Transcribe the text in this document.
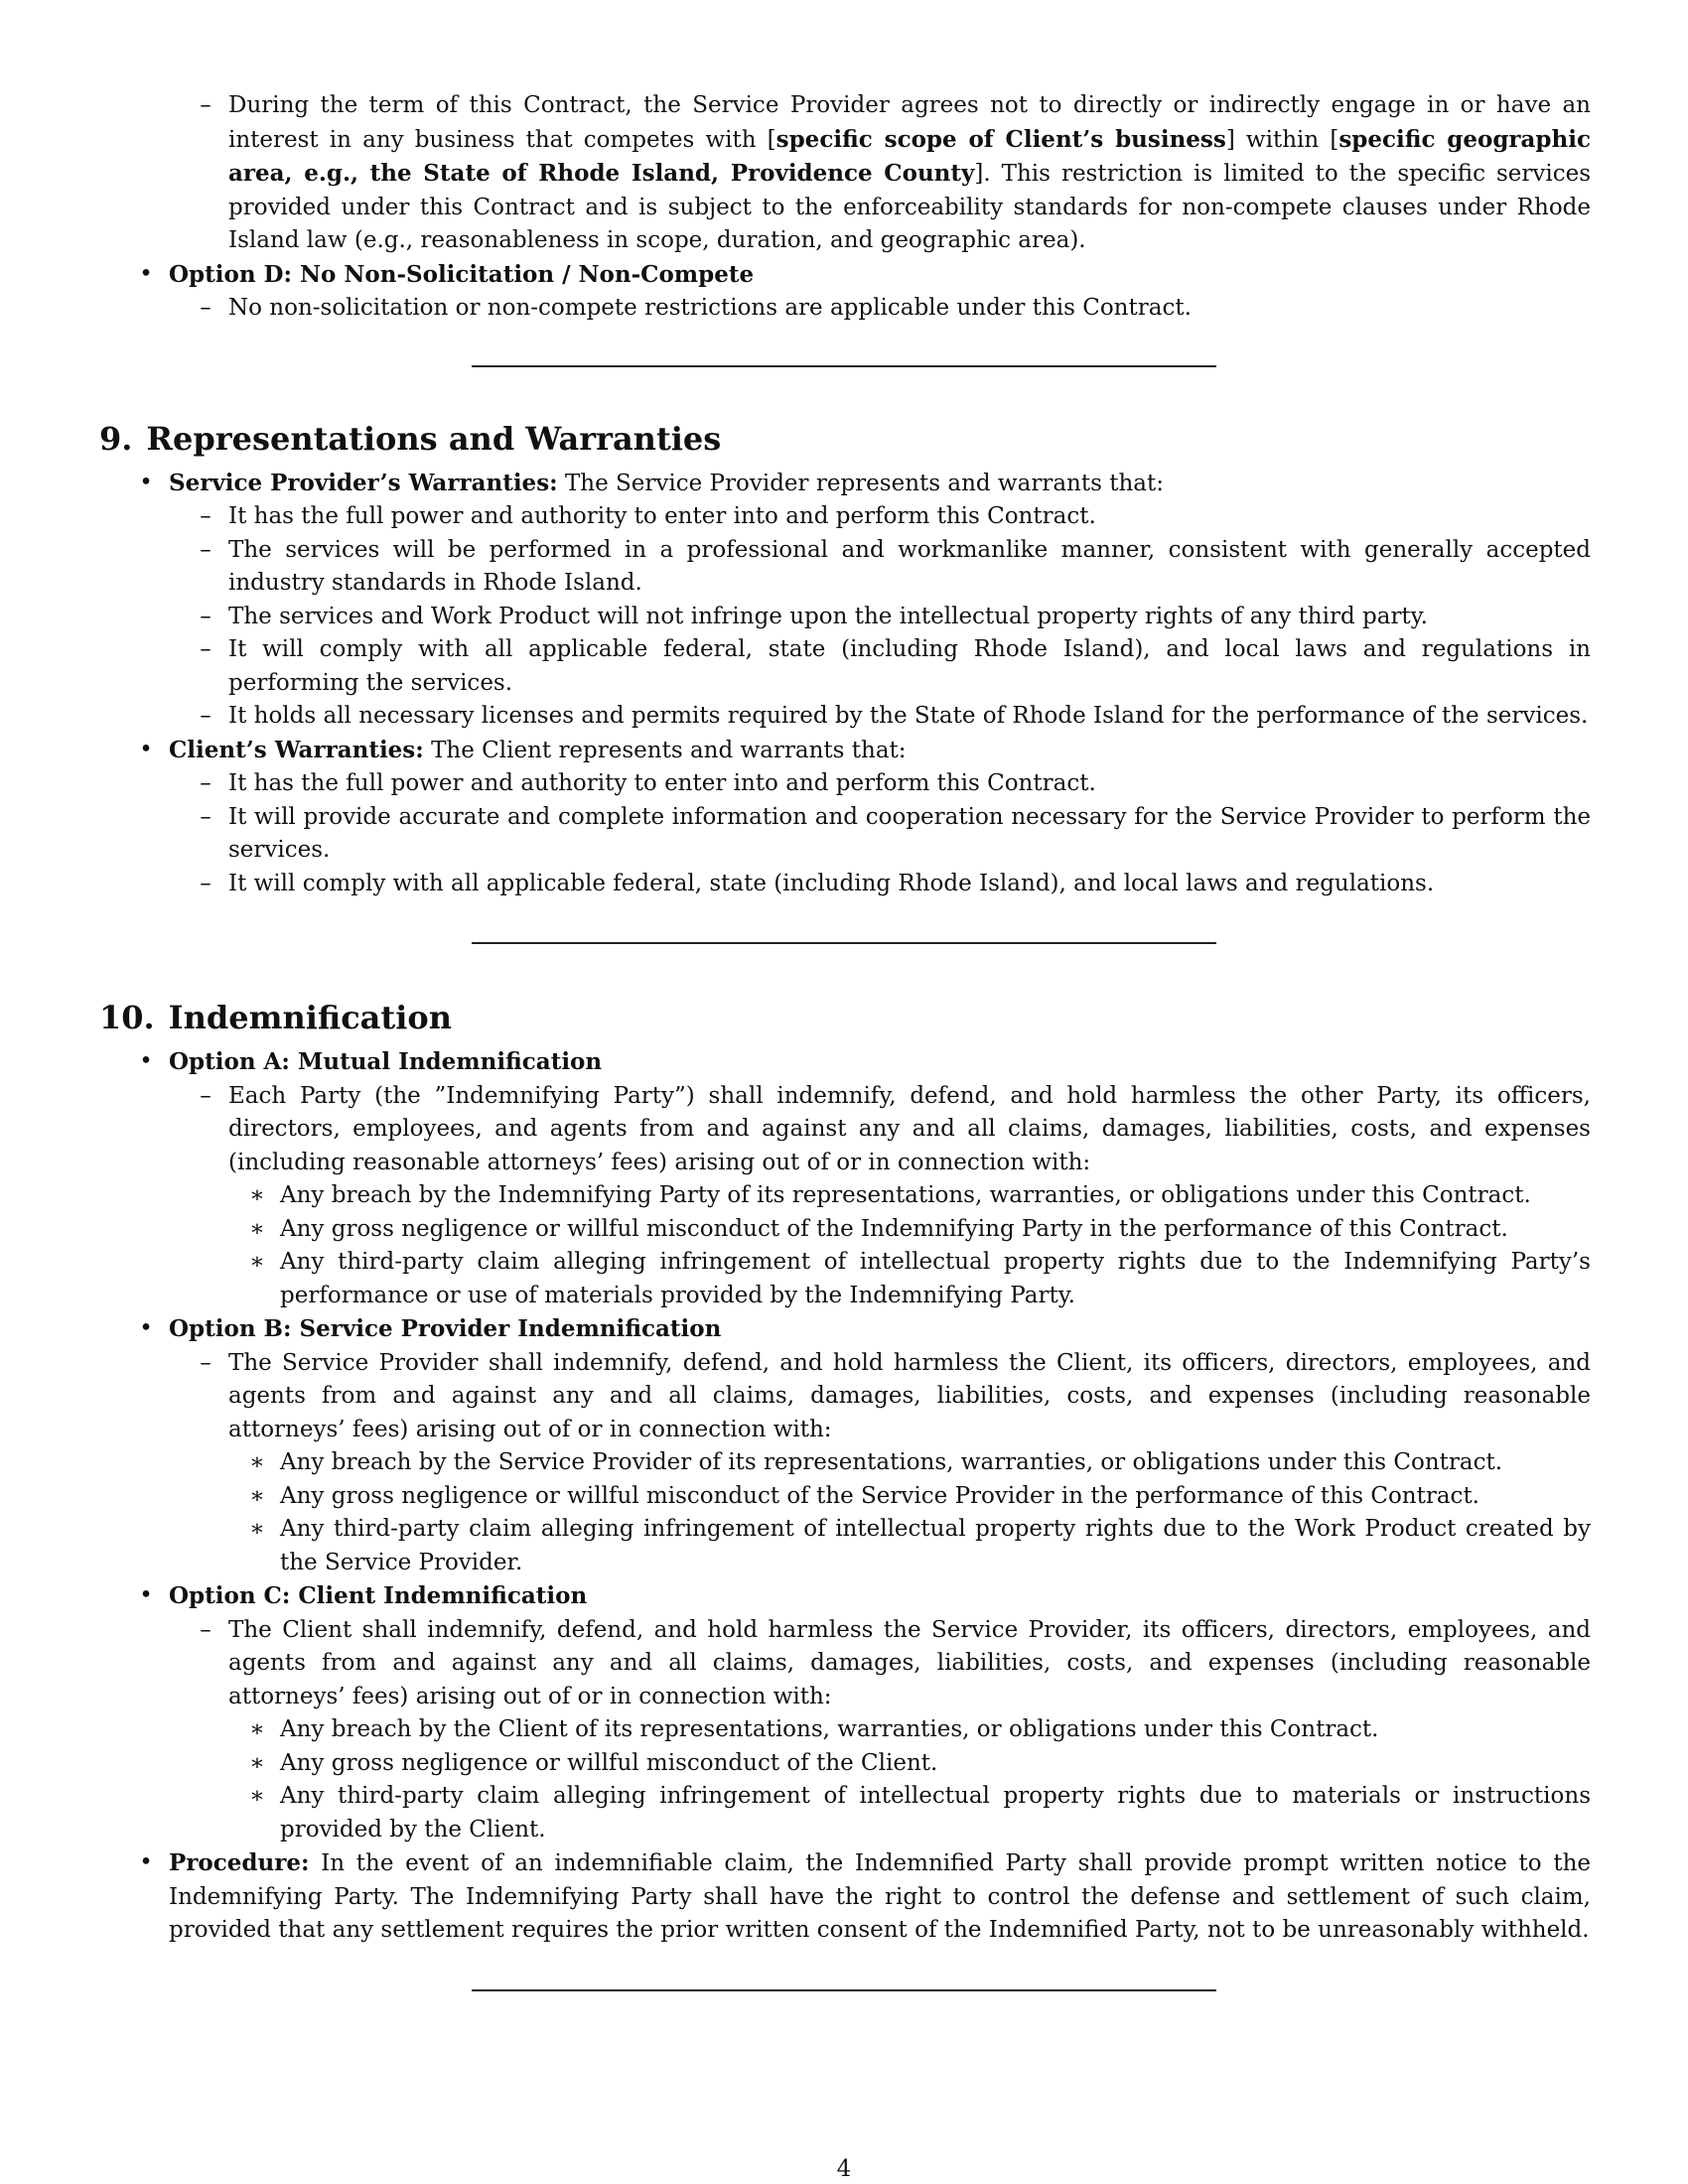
– During the term of this Contract, the Service Provider agrees not to directly or indirectly engage in or have an interest in any business that competes with [specific scope of Client’s business] within [specific geographic area, e.g., the State of Rhode Island, Providence County]. This restriction is limited to the specific services provided under this Contract and is subject to the enforceability standards for non-compete clauses under Rhode Island law (e.g., reasonableness in scope, duration, and geographic area).

• Option D: No Non-Solicitation / Non-Compete

– No non-solicitation or non-compete restrictions are applicable under this Contract.

9. Representations and Warranties

• Service Provider’s Warranties: The Service Provider represents and warrants that:

– It has the full power and authority to enter into and perform this Contract.

– The services will be performed in a professional and workmanlike manner, consistent with generally accepted industry standards in Rhode Island.

– The services and Work Product will not infringe upon the intellectual property rights of any third party.

– It will comply with all applicable federal, state (including Rhode Island), and local laws and regulations in performing the services.

– It holds all necessary licenses and permits required by the State of Rhode Island for the performance of the services.

• Client’s Warranties: The Client represents and warrants that:

– It has the full power and authority to enter into and perform this Contract.

– It will provide accurate and complete information and cooperation necessary for the Service Provider to perform the services.

– It will comply with all applicable federal, state (including Rhode Island), and local laws and regulations.

10. Indemnification

• Option A: Mutual Indemnification

– Each Party (the ”Indemnifying Party”) shall indemnify, defend, and hold harmless the other Party, its officers, directors, employees, and agents from and against any and all claims, damages, liabilities, costs, and expenses (including reasonable attorneys’ fees) arising out of or in connection with:

∗ Any breach by the Indemnifying Party of its representations, warranties, or obligations under this Contract.

∗ Any gross negligence or willful misconduct of the Indemnifying Party in the performance of this Contract.

∗ Any third-party claim alleging infringement of intellectual property rights due to the Indemnifying Party’s performance or use of materials provided by the Indemnifying Party.

• Option B: Service Provider Indemnification

– The Service Provider shall indemnify, defend, and hold harmless the Client, its officers, directors, employees, and agents from and against any and all claims, damages, liabilities, costs, and expenses (including reasonable attorneys’ fees) arising out of or in connection with:

∗ Any breach by the Service Provider of its representations, warranties, or obligations under this Contract.

∗ Any gross negligence or willful misconduct of the Service Provider in the performance of this Contract.

∗ Any third-party claim alleging infringement of intellectual property rights due to the Work Product created by the Service Provider.

• Option C: Client Indemnification

– The Client shall indemnify, defend, and hold harmless the Service Provider, its officers, directors, employees, and agents from and against any and all claims, damages, liabilities, costs, and expenses (including reasonable attorneys’ fees) arising out of or in connection with:

∗ Any breach by the Client of its representations, warranties, or obligations under this Contract.

∗ Any gross negligence or willful misconduct of the Client.

∗ Any third-party claim alleging infringement of intellectual property rights due to materials or instructions provided by the Client.

• Procedure: In the event of an indemnifiable claim, the Indemnified Party shall provide prompt written notice to the Indemnifying Party. The Indemnifying Party shall have the right to control the defense and settlement of such claim, provided that any settlement requires the prior written consent of the Indemnified Party, not to be unreasonably withheld.

4
